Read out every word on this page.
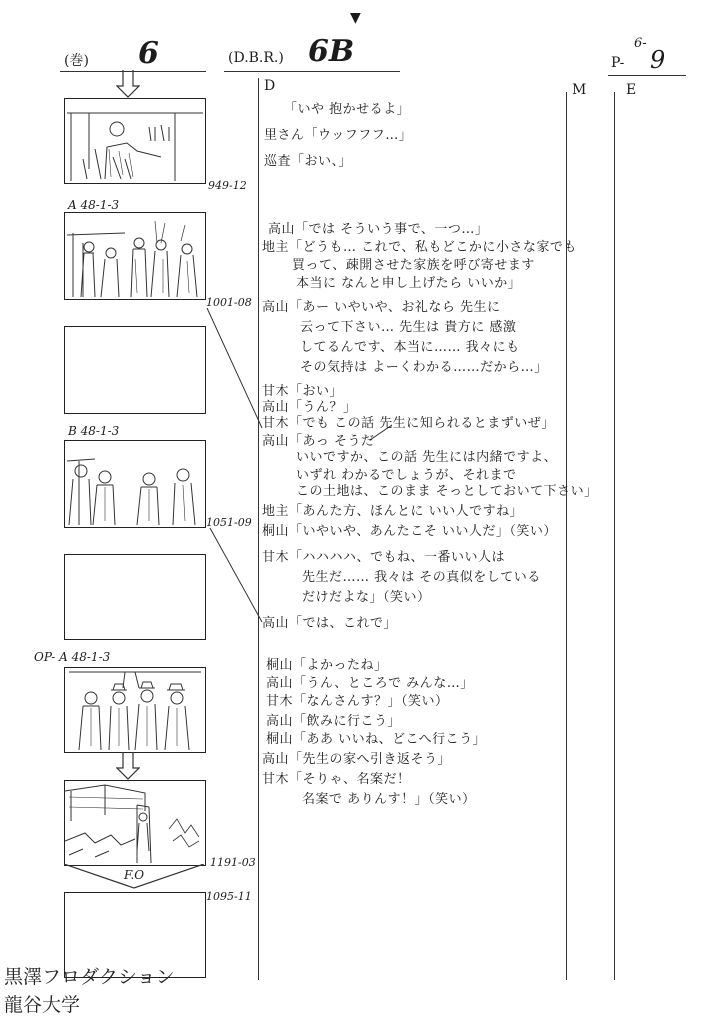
(巻) 6	(D.B.R.) 6B
▼
P-
6-
9
D	M	E
F.O
A 48-1-3
B 48-1-3
OP- A 48-1-3
949-12
1001-08
1051-09
1191-03
1095-11
「いや 抱かせるよ」
里さん「ウッフフフ…」
巡査「おい、」
高山「では そういう事で、一つ…」
地主「どうも… これで、私もどこかに小さな家でも
買って、疎開させた家族を呼び寄せます
本当に なんと申し上げたら いいか」
高山「あー いやいや、お礼なら 先生に
云って下さい… 先生は 貴方に 感激
してるんです、本当に…… 我々にも
その気持は よーくわかる……だから…」
甘木「おい」
高山「うん？」
甘木「でも この話 先生に知られるとまずいぜ」
高山「あっ そうだ
いいですか、この話 先生には内緒ですよ、
いずれ わかるでしょうが、それまで
この土地は、このまま そっとしておいて下さい」
地主「あんた方、ほんとに いい人ですね」
桐山「いやいや、あんたこそ いい人だ」（笑い）
甘木「ハハハハ、でもね、一番いい人は
先生だ…… 我々は その真似をしている
だけだよな」（笑い）
高山「では、これで」
桐山「よかったね」
高山「うん、ところで みんな…」
甘木「なんさんす？」（笑い）
高山「飲みに行こう」
桐山「ああ いいね、どこへ行こう」
高山「先生の家へ引き返そう」
甘木「そりゃ、名案だ！
名案で ありんす！」（笑い）
黒澤フロダクション
龍谷大学
